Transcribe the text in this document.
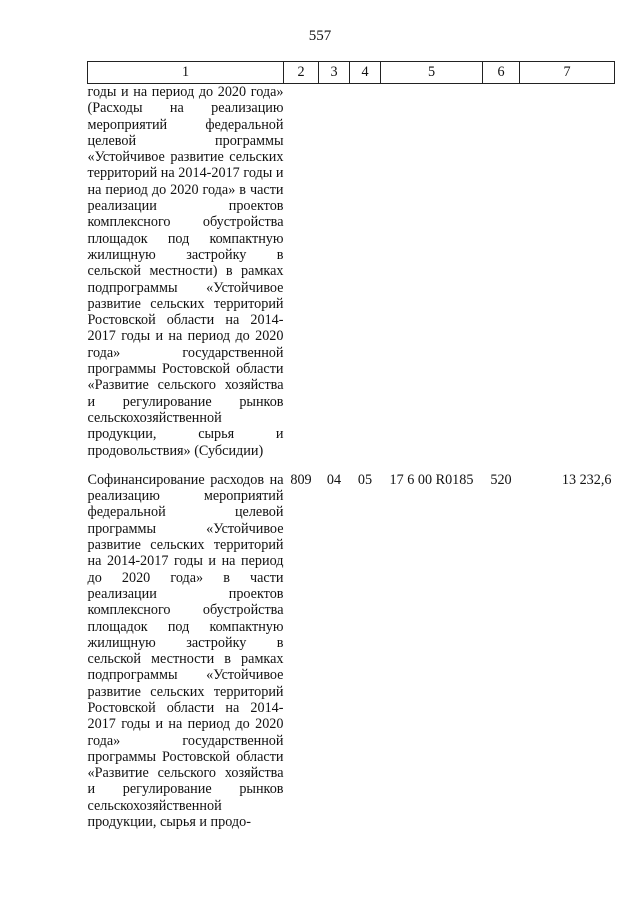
557
1	2	3	4	5	6	7
годы и на период до 2020 года» (Расходы на реализацию мероприятий федеральной целевой программы «Устойчивое развитие сельских территорий на 2014-2017 годы и на период до 2020 года» в части реализации проектов комплексного обустройства площадок под компактную жилищную застройку в сельской местности) в рамках подпрограммы «Устойчивое развитие сельских территорий Ростовской области на 2014-2017 годы и на период до 2020 года» государственной программы Ростовской области «Развитие сельского хозяйства и регулирование рынков сельскохозяйственной продукции, сырья и продовольствия» (Субсидии)						
Софинансирование расходов на реализацию мероприятий федеральной целевой программы «Устойчивое развитие сельских территорий на 2014-2017 годы и на период до 2020 года» в части реализации проектов комплексного обустройства площадок под компактную жилищную застройку в сельской местности в рамках подпрограммы «Устойчивое развитие сельских территорий Ростовской области на 2014-2017 годы и на период до 2020 года» государственной программы Ростовской области «Развитие сельского хозяйства и регулирование рынков сельскохозяйственной продукции, сырья и продо-	809	04	05	17 6 00 R0185	520	13 232,6
